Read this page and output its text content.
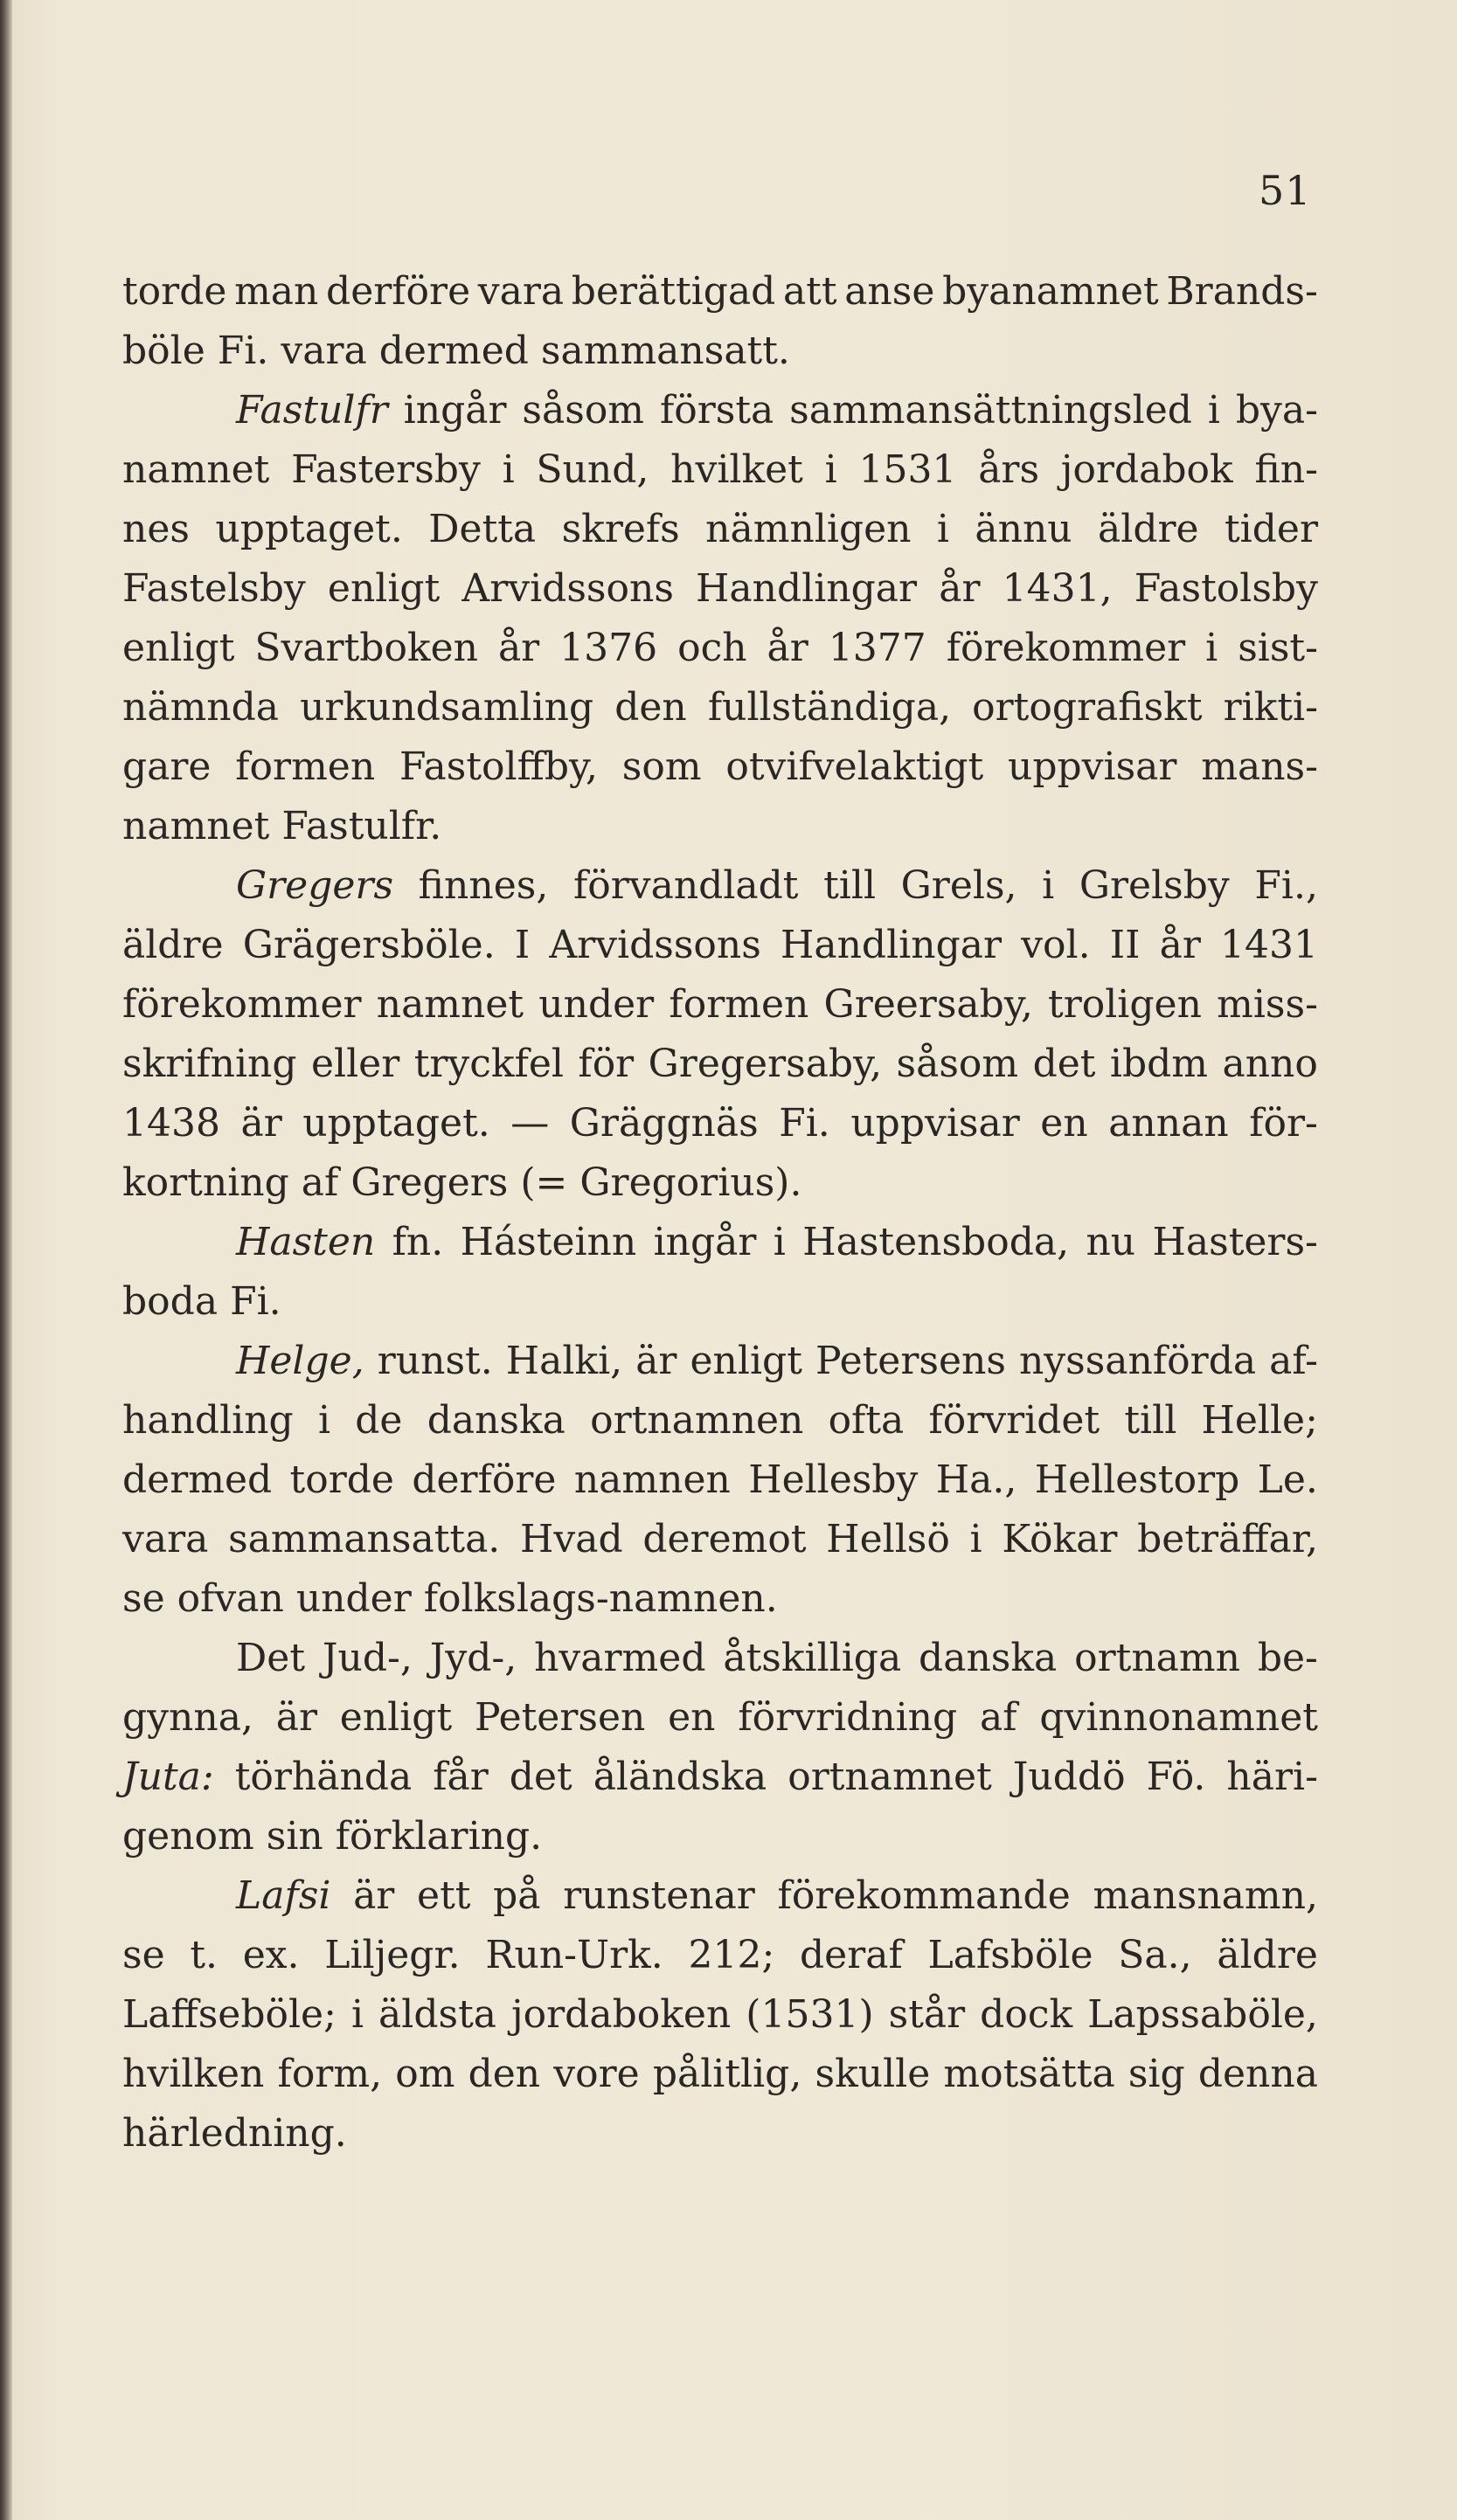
51
torde man derföre vara berättigad att anse byanamnet Brands-
böle Fi. vara dermed sammansatt.
Fastulfr ingår såsom första sammansättningsled i bya-
namnet Fastersby i Sund, hvilket i 1531 års jordabok fin-
nes upptaget. Detta skrefs nämnligen i ännu äldre tider
Fastelsby enligt Arvidssons Handlingar år 1431, Fastolsby
enligt Svartboken år 1376 och år 1377 förekommer i sist-
nämnda urkundsamling den fullständiga, ortografiskt rikti-
gare formen Fastolffby, som otvifvelaktigt uppvisar mans-
namnet Fastulfr.
Gregers finnes, förvandladt till Grels, i Grelsby Fi.,
äldre Grägersböle. I Arvidssons Handlingar vol. II år 1431
förekommer namnet under formen Greersaby, troligen miss-
skrifning eller tryckfel för Gregersaby, såsom det ibdm anno
1438 är upptaget. — Gräggnäs Fi. uppvisar en annan för-
kortning af Gregers (= Gregorius).
Hasten fn. Hásteinn ingår i Hastensboda, nu Hasters-
boda Fi.
Helge, runst. Halki, är enligt Petersens nyssanförda af-
handling i de danska ortnamnen ofta förvridet till Helle;
dermed torde derföre namnen Hellesby Ha., Hellestorp Le.
vara sammansatta. Hvad deremot Hellsö i Kökar beträffar,
se ofvan under folkslags-namnen.
Det Jud-, Jyd-, hvarmed åtskilliga danska ortnamn be-
gynna, är enligt Petersen en förvridning af qvinnonamnet
Juta: törhända får det åländska ortnamnet Juddö Fö. häri-
genom sin förklaring.
Lafsi är ett på runstenar förekommande mansnamn,
se t. ex. Liljegr. Run-Urk. 212; deraf Lafsböle Sa., äldre
Laffseböle; i äldsta jordaboken (1531) står dock Lapssaböle,
hvilken form, om den vore pålitlig, skulle motsätta sig denna
härledning.
